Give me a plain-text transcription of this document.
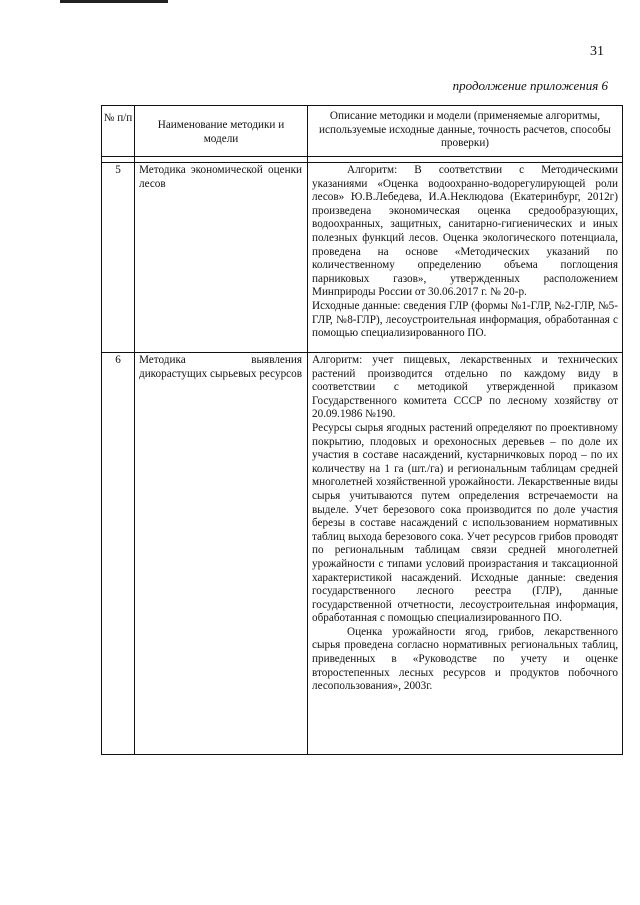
31
продолжение приложения 6
№ п/п
Наименование методики и модели
Описание методики и модели (применяемые алгоритмы, используемые исходные данные, точность расчетов, способы проверки)
5	Методика экономической оценки лесов

Алгоритм: В соответствии с Методическими указаниями «Оценка водоохранно-водорегулирующей роли лесов» Ю.В.Лебедева, И.А.Неклюдова (Екатеринбург, 2012г) произведена экономическая оценка средообразующих, водоохранных, защитных, санитарно-гигиенических и иных полезных функций лесов. Оценка экологического потенциала, проведена на основе «Методических указаний по количественному определению объема поглощения парниковых газов», утвержденных расположением Минприроды России от 30.06.2017 г. № 20-р.

Исходные данные: сведения ГЛР (формы №1-ГЛР, №2-ГЛР, №5-ГЛР, №8-ГЛР), лесоустроительная информация, обработанная с помощью специализированного ПО.

6	Методика выявления дикорастущих сырьевых ресурсов

Алгоритм: учет пищевых, лекарственных и технических растений производится отдельно по каждому виду в соответствии с методикой утвержденной приказом Государственного комитета СССР по лесному хозяйству от 20.09.1986 №190.

Ресурсы сырья ягодных растений определяют по проективному покрытию, плодовых и орехоносных деревьев – по доле их участия в составе насаждений, кустарничковых пород – по их количеству на 1 га (шт./га) и региональным таблицам средней многолетней хозяйственной урожайности. Лекарственные виды сырья учитываются путем определения встречаемости на выделе. Учет березового сока производится по доле участия березы в составе насаждений с использованием нормативных таблиц выхода березового сока. Учет ресурсов грибов проводят по региональным таблицам связи средней многолетней урожайности с типами условий произрастания и таксационной характеристикой насаждений. Исходные данные: сведения государственного лесного реестра (ГЛР), данные государственной отчетности, лесоустроительная информация, обработанная с помощью специализированного ПО.

Оценка урожайности ягод, грибов, лекарственного сырья проведена согласно нормативных региональных таблиц, приведенных в «Руководстве по учету и оценке второстепенных лесных ресурсов и продуктов побочного лесопользования», 2003г.
